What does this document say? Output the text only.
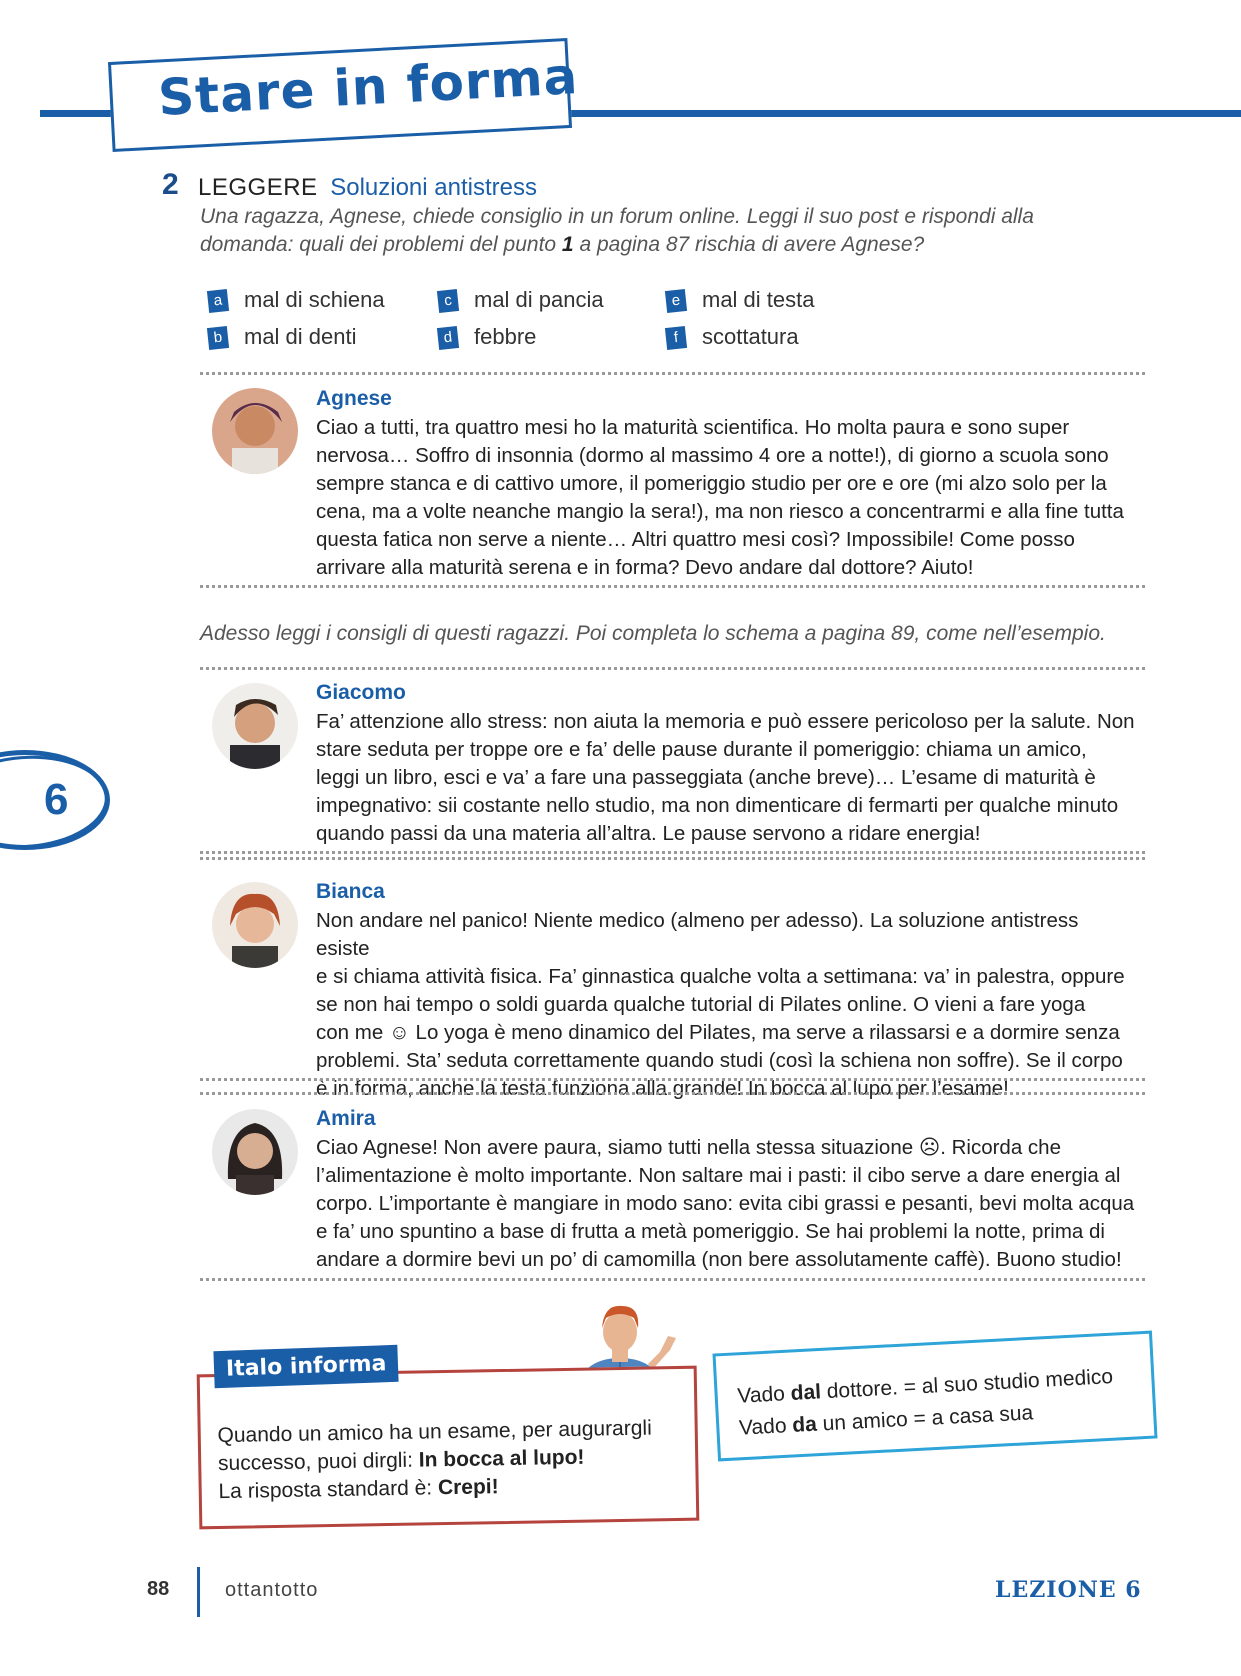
Stare in forma
2 LEGGERE Soluzioni antistress
Una ragazza, Agnese, chiede consiglio in un forum online. Leggi il suo post e rispondi alla
domanda: quali dei problemi del punto 1 a pagina 87 rischia di avere Agnese?
a mal di schiena
b mal di denti
c mal di pancia
d febbre
e mal di testa
f scottatura
Agnese
Ciao a tutti, tra quattro mesi ho la maturità scientifica. Ho molta paura e sono super
nervosa… Soffro di insonnia (dormo al massimo 4 ore a notte!), di giorno a scuola sono
sempre stanca e di cattivo umore, il pomeriggio studio per ore e ore (mi alzo solo per la
cena, ma a volte neanche mangio la sera!), ma non riesco a concentrarmi e alla fine tutta
questa fatica non serve a niente… Altri quattro mesi così? Impossibile! Come posso
arrivare alla maturità serena e in forma? Devo andare dal dottore? Aiuto!
Adesso leggi i consigli di questi ragazzi. Poi completa lo schema a pagina 89, come nell’esempio.
Giacomo
Fa’ attenzione allo stress: non aiuta la memoria e può essere pericoloso per la salute. Non
stare seduta per troppe ore e fa’ delle pause durante il pomeriggio: chiama un amico,
leggi un libro, esci e va’ a fare una passeggiata (anche breve)… L’esame di maturità è
impegnativo: sii costante nello studio, ma non dimenticare di fermarti per qualche minuto
quando passi da una materia all’altra. Le pause servono a ridare energia!
Bianca
Non andare nel panico! Niente medico (almeno per adesso). La soluzione antistress esiste
e si chiama attività fisica. Fa’ ginnastica qualche volta a settimana: va’ in palestra, oppure
se non hai tempo o soldi guarda qualche tutorial di Pilates online. O vieni a fare yoga
con me ☺ Lo yoga è meno dinamico del Pilates, ma serve a rilassarsi e a dormire senza
problemi. Sta’ seduta correttamente quando studi (così la schiena non soffre). Se il corpo
è in forma, anche la testa funziona alla grande! In bocca al lupo per l’esame!
Amira
Ciao Agnese! Non avere paura, siamo tutti nella stessa situazione ☹. Ricorda che
l’alimentazione è molto importante. Non saltare mai i pasti: il cibo serve a dare energia al
corpo. L’importante è mangiare in modo sano: evita cibi grassi e pesanti, bevi molta acqua
e fa’ uno spuntino a base di frutta a metà pomeriggio. Se hai problemi la notte, prima di
andare a dormire bevi un po’ di camomilla (non bere assolutamente caffè). Buono studio!
6
Italo informa
Quando un amico ha un esame, per augurargli
successo, puoi dirgli: In bocca al lupo!
La risposta standard è: Crepi!
Vado dal dottore. = al suo studio medico
Vado da un amico = a casa sua
88	ottantotto	LEZIONE 6
